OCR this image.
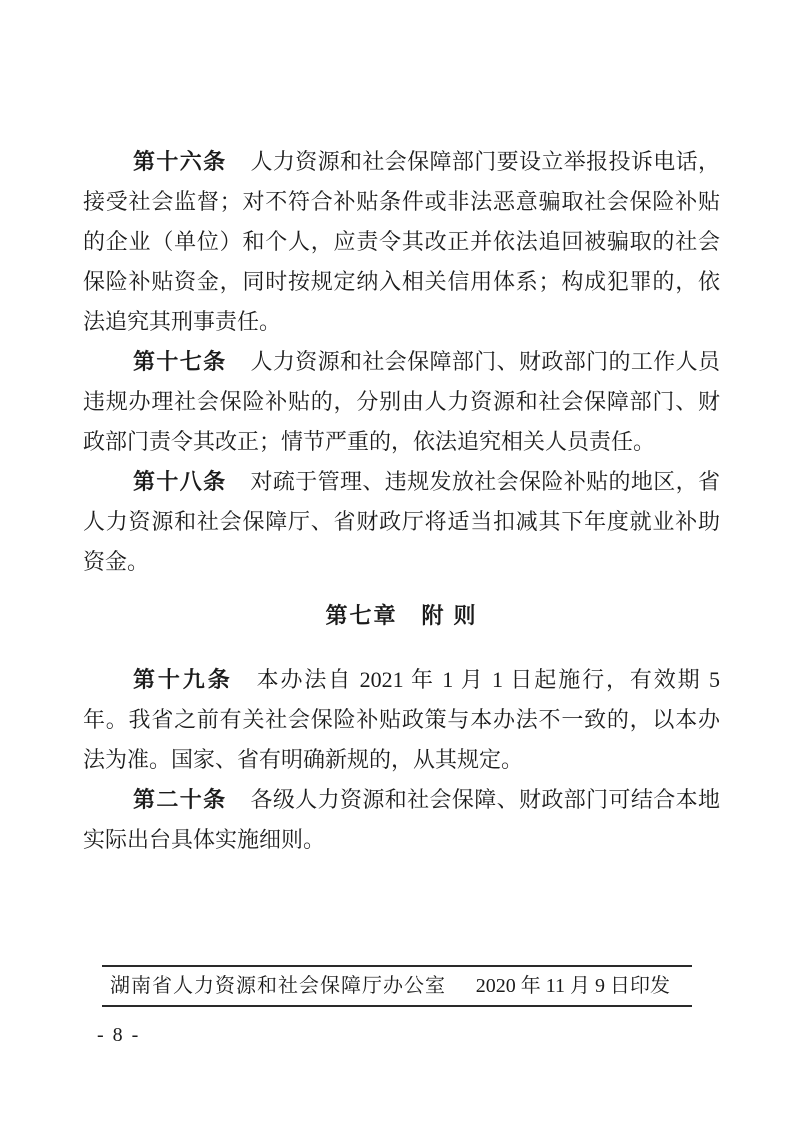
第十六条 人力资源和社会保障部门要设立举报投诉电话，接受社会监督；对不符合补贴条件或非法恶意骗取社会保险补贴的企业（单位）和个人，应责令其改正并依法追回被骗取的社会保险补贴资金，同时按规定纳入相关信用体系；构成犯罪的，依法追究其刑事责任。

第十七条 人力资源和社会保障部门、财政部门的工作人员违规办理社会保险补贴的，分别由人力资源和社会保障部门、财政部门责令其改正；情节严重的，依法追究相关人员责任。

第十八条 对疏于管理、违规发放社会保险补贴的地区，省人力资源和社会保障厅、省财政厅将适当扣减其下年度就业补助资金。

第七章　附 则

第十九条 本办法自 2021 年 1 月 1 日起施行，有效期 5 年。我省之前有关社会保险补贴政策与本办法不一致的，以本办法为准。国家、省有明确新规的，从其规定。

第二十条 各级人力资源和社会保障、财政部门可结合本地实际出台具体实施细则。

湖南省人力资源和社会保障厅办公室 2020 年 11 月 9 日印发
- 8 -
